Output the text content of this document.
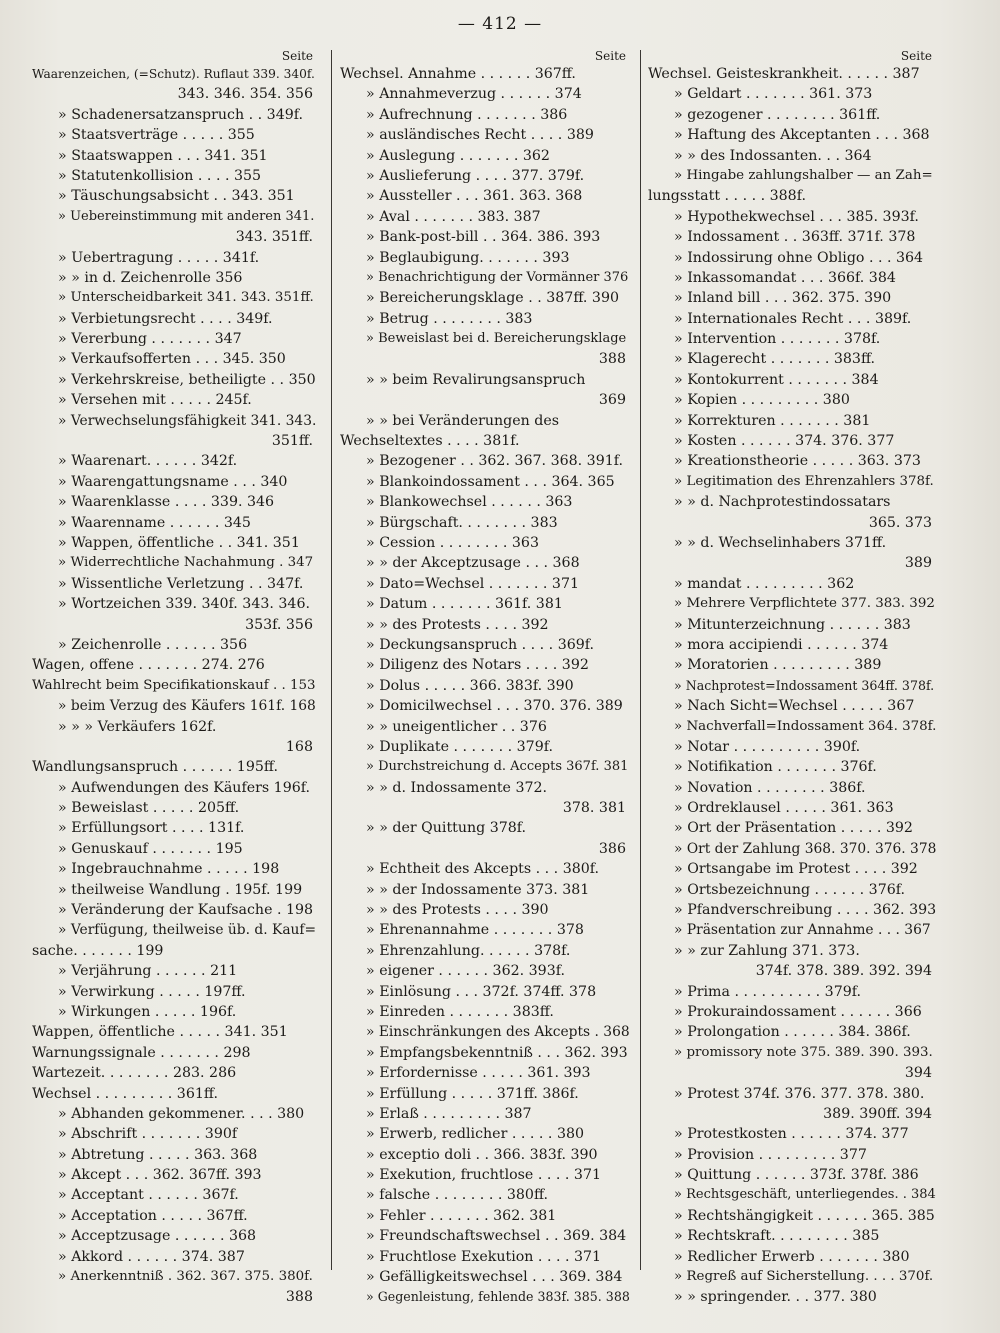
— 412 —
Seite
Waarenzeichen, (=Schutz). Ruflaut 339. 340f.
343. 346. 354. 356
» Schadenersatzanspruch . . 349f.
» Staatsverträge . . . . . 355
» Staatswappen . . . 341. 351
» Statutenkollision . . . . 355
» Täuschungsabsicht . . 343. 351
» Uebereinstimmung mit anderen 341.
343. 351ff.
» Uebertragung . . . . . 341f.
» » in d. Zeichenrolle 356
» Unterscheidbarkeit 341. 343. 351ff.
» Verbietungsrecht . . . . 349f.
» Vererbung . . . . . . . 347
» Verkaufsofferten . . . 345. 350
» Verkehrskreise, betheiligte . . 350
» Versehen mit . . . . . 245f.
» Verwechselungsfähigkeit 341. 343.
351ff.
» Waarenart. . . . . . 342f.
» Waarengattungsname . . . 340
» Waarenklasse . . . . 339. 346
» Waarenname . . . . . . 345
» Wappen, öffentliche . . 341. 351
» Widerrechtliche Nachahmung . 347
» Wissentliche Verletzung . . 347f.
» Wortzeichen 339. 340f. 343. 346.
353f. 356
» Zeichenrolle . . . . . . 356
Wagen, offene . . . . . . . 274. 276
Wahlrecht beim Specifikationskauf . . 153
» beim Verzug des Käufers 161f. 168
» » » Verkäufers 162f.
168
Wandlungsanspruch . . . . . . 195ff.
» Aufwendungen des Käufers 196f.
» Beweislast . . . . . 205ff.
» Erfüllungsort . . . . 131f.
» Genuskauf . . . . . . . 195
» Ingebrauchnahme . . . . . 198
» theilweise Wandlung . 195f. 199
» Veränderung der Kaufsache . 198
» Verfügung, theilweise üb. d. Kauf=
sache. . . . . . . 199
» Verjährung . . . . . . 211
» Verwirkung . . . . . 197ff.
» Wirkungen . . . . . 196f.
Wappen, öffentliche . . . . . 341. 351
Warnungssignale . . . . . . . 298
Wartezeit. . . . . . . . 283. 286
Wechsel . . . . . . . . . 361ff.
» Abhanden gekommener. . . . 380
» Abschrift . . . . . . . 390f
» Abtretung . . . . . 363. 368
» Akcept . . . 362. 367ff. 393
» Acceptant . . . . . . 367f.
» Acceptation . . . . . 367ff.
» Acceptzusage . . . . . . 368
» Akkord . . . . . . 374. 387
» Anerkenntniß . 362. 367. 375. 380f.
388
Seite
Wechsel. Annahme . . . . . . 367ff.
» Annahmeverzug . . . . . . 374
» Aufrechnung . . . . . . . 386
» ausländisches Recht . . . . 389
» Auslegung . . . . . . . 362
» Auslieferung . . . . 377. 379f.
» Aussteller . . . 361. 363. 368
» Aval . . . . . . . 383. 387
» Bank-post-bill . . 364. 386. 393
» Beglaubigung. . . . . . . 393
» Benachrichtigung der Vormänner 376
» Bereicherungsklage . . 387ff. 390
» Betrug . . . . . . . . 383
» Beweislast bei d. Bereicherungsklage
388
» » beim Revalirungsanspruch
369
» » bei Veränderungen des
Wechseltextes . . . . 381f.
» Bezogener . . 362. 367. 368. 391f.
» Blankoindossament . . . 364. 365
» Blankowechsel . . . . . . 363
» Bürgschaft. . . . . . . . 383
» Cession . . . . . . . . 363
» » der Akceptzusage . . . 368
» Dato=Wechsel . . . . . . . 371
» Datum . . . . . . . 361f. 381
» » des Protests . . . . 392
» Deckungsanspruch . . . . 369f.
» Diligenz des Notars . . . . 392
» Dolus . . . . . 366. 383f. 390
» Domicilwechsel . . . 370. 376. 389
» » uneigentlicher . . 376
» Duplikate . . . . . . . 379f.
» Durchstreichung d. Accepts 367f. 381
» » d. Indossamente 372.
378. 381
» » der Quittung 378f.
386
» Echtheit des Akcepts . . . 380f.
» » der Indossamente 373. 381
» » des Protests . . . . 390
» Ehrenannahme . . . . . . . 378
» Ehrenzahlung. . . . . . 378f.
» eigener . . . . . . 362. 393f.
» Einlösung . . . 372f. 374ff. 378
» Einreden . . . . . . . 383ff.
» Einschränkungen des Akcepts . 368
» Empfangsbekenntniß . . . 362. 393
» Erfordernisse . . . . . 361. 393
» Erfüllung . . . . . 371ff. 386f.
» Erlaß . . . . . . . . . 387
» Erwerb, redlicher . . . . . 380
» exceptio doli . . 366. 383f. 390
» Exekution, fruchtlose . . . . 371
» falsche . . . . . . . . 380ff.
» Fehler . . . . . . . 362. 381
» Freundschaftswechsel . . 369. 384
» Fruchtlose Exekution . . . . 371
» Gefälligkeitswechsel . . . 369. 384
» Gegenleistung, fehlende 383f. 385. 388
Seite
Wechsel. Geisteskrankheit. . . . . . 387
» Geldart . . . . . . . 361. 373
» gezogener . . . . . . . . 361ff.
» Haftung des Akceptanten . . . 368
» » des Indossanten. . . 364
» Hingabe zahlungshalber — an Zah=
lungsstatt . . . . . 388f.
» Hypothekwechsel . . . 385. 393f.
» Indossament . . 363ff. 371f. 378
» Indossirung ohne Obligo . . . 364
» Inkassomandat . . . 366f. 384
» Inland bill . . . 362. 375. 390
» Internationales Recht . . . 389f.
» Intervention . . . . . . . 378f.
» Klagerecht . . . . . . . 383ff.
» Kontokurrent . . . . . . . 384
» Kopien . . . . . . . . . 380
» Korrekturen . . . . . . . 381
» Kosten . . . . . . 374. 376. 377
» Kreationstheorie . . . . . 363. 373
» Legitimation des Ehrenzahlers 378f.
» » d. Nachprotestindossatars
365. 373
» » d. Wechselinhabers 371ff.
389
» mandat . . . . . . . . . 362
» Mehrere Verpflichtete 377. 383. 392
» Mitunterzeichnung . . . . . . 383
» mora accipiendi . . . . . . 374
» Moratorien . . . . . . . . . 389
» Nachprotest=Indossament 364ff. 378f.
» Nach Sicht=Wechsel . . . . . 367
» Nachverfall=Indossament 364. 378f.
» Notar . . . . . . . . . . 390f.
» Notifikation . . . . . . . 376f.
» Novation . . . . . . . . 386f.
» Ordreklausel . . . . . 361. 363
» Ort der Präsentation . . . . . 392
» Ort der Zahlung 368. 370. 376. 378
» Ortsangabe im Protest . . . . 392
» Ortsbezeichnung . . . . . . 376f.
» Pfandverschreibung . . . . 362. 393
» Präsentation zur Annahme . . . 367
» » zur Zahlung 371. 373.
374f. 378. 389. 392. 394
» Prima . . . . . . . . . . 379f.
» Prokuraindossament . . . . . . 366
» Prolongation . . . . . . 384. 386f.
» promissory note 375. 389. 390. 393.
394
» Protest 374f. 376. 377. 378. 380.
389. 390ff. 394
» Protestkosten . . . . . . 374. 377
» Provision . . . . . . . . . 377
» Quittung . . . . . . 373f. 378f. 386
» Rechtsgeschäft, unterliegendes. . 384
» Rechtshängigkeit . . . . . . 365. 385
» Rechtskraft. . . . . . . . . 385
» Redlicher Erwerb . . . . . . . 380
» Regreß auf Sicherstellung. . . . 370f.
» » springender. . . 377. 380
